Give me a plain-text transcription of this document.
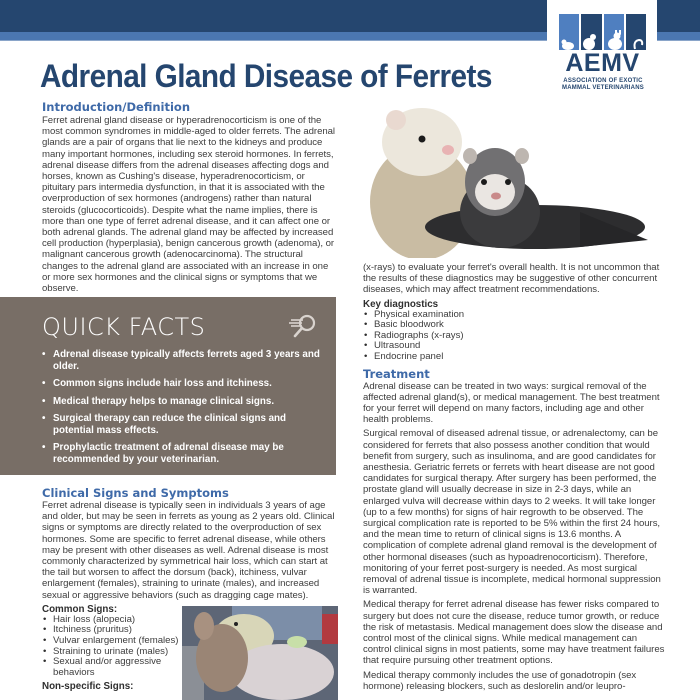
AEMV
ASSOCIATION OF EXOTIC
MAMMAL VETERINARIANS
Adrenal Gland Disease of Ferrets
Introduction/Definition

Ferret adrenal gland disease or hyperadrenocorticism is one of the most common syndromes in middle-aged to older ferrets. The adrenal glands are a pair of organs that lie next to the kidneys and produce many important hormones, including sex steroid hormones. In ferrets, adrenal disease differs from the adrenal diseases affecting dogs and horses, known as Cushing's disease, hyperadrenocorticism, or pituitary pars intermedia dysfunction, in that it is associated with the overproduction of sex hormones (androgens) rather than natural steroids (glucocorticoids). Despite what the name implies, there is more than one type of ferret adrenal disease, and it can affect one or both adrenal glands. The adrenal gland may be affected by increased cell production (hyperplasia), benign cancerous growth (adenoma), or malignant cancerous growth (adenocarcinoma). The structural changes to the adrenal gland are associated with an increase in one or more sex hormones and the clinical signs or symptoms that we observe.

(x-rays) to evaluate your ferret's overall health. It is not uncommon that the results of these diagnostics may be suggestive of other concurrent diseases, which may affect treatment recommendations.

Key diagnostics
• Physical examination
• Basic bloodwork
• Radiographs (x-rays)
• Ultrasound
• Endocrine panel
Treatment

Adrenal disease can be treated in two ways: surgical removal of the affected adrenal gland(s), or medical management. The best treatment for your ferret will depend on many factors, including age and other health problems.

Surgical removal of diseased adrenal tissue, or adrenalectomy, can be considered for ferrets that also possess another condition that would benefit from surgery, such as insulinoma, and are good candidates for anesthesia. Geriatric ferrets or ferrets with heart disease are not good candidates for surgical therapy. After surgery has been performed, the prostate gland will usually decrease in size in 2-3 days, while an enlarged vulva will decrease within days to 2 weeks. It will take longer (up to a few months) for signs of hair regrowth to be observed. The surgical complication rate is reported to be 5% within the first 24 hours, and the mean time to return of clinical signs is 13.6 months. A complication of complete adrenal gland removal is the development of other hormonal diseases (such as hypoadrenocorticism). Therefore, monitoring of your ferret post-surgery is needed. As most surgical removal of adrenal tissue is incomplete, medical hormonal suppression is warranted.

Medical therapy for ferret adrenal disease has fewer risks compared to surgery but does not cure the disease, reduce tumor growth, or reduce the risk of metastasis. Medical management does slow the disease and control most of the clinical signs. While medical management can control clinical signs in most patients, some may have treatment failures that require pursuing other treatment options.

Medical therapy commonly includes the use of gonadotropin (sex hormone) releasing blockers, such as deslorelin and/or leupro-

QUICK FACTS
• Adrenal disease typically affects ferrets aged 3 years and older.
• Common signs include hair loss and itchiness.
• Medical therapy helps to manage clinical signs.
• Surgical therapy can reduce the clinical signs and potential mass effects.
• Prophylactic treatment of adrenal disease may be recommended by your veterinarian.
Clinical Signs and Symptoms

Ferret adrenal disease is typically seen in individuals 3 years of age and older, but may be seen in ferrets as young as 2 years old. Clinical signs or symptoms are directly related to the overproduction of sex hormones. Some are specific to ferret adrenal disease, while others may be present with other diseases as well. Adrenal disease is most commonly characterized by symmetrical hair loss, which can start at the tail but worsen to affect the dorsum (back), itchiness, vulvar enlargement (females), straining to urinate (males), and increased sexual or aggressive behaviors (such as dragging cage mates).

Common Signs:
• Hair loss (alopecia)
• Itchiness (pruritus)
• Vulvar enlargement (females)
• Straining to urinate (males)
• Sexual and/or aggressive behaviors
Non-specific Signs:
